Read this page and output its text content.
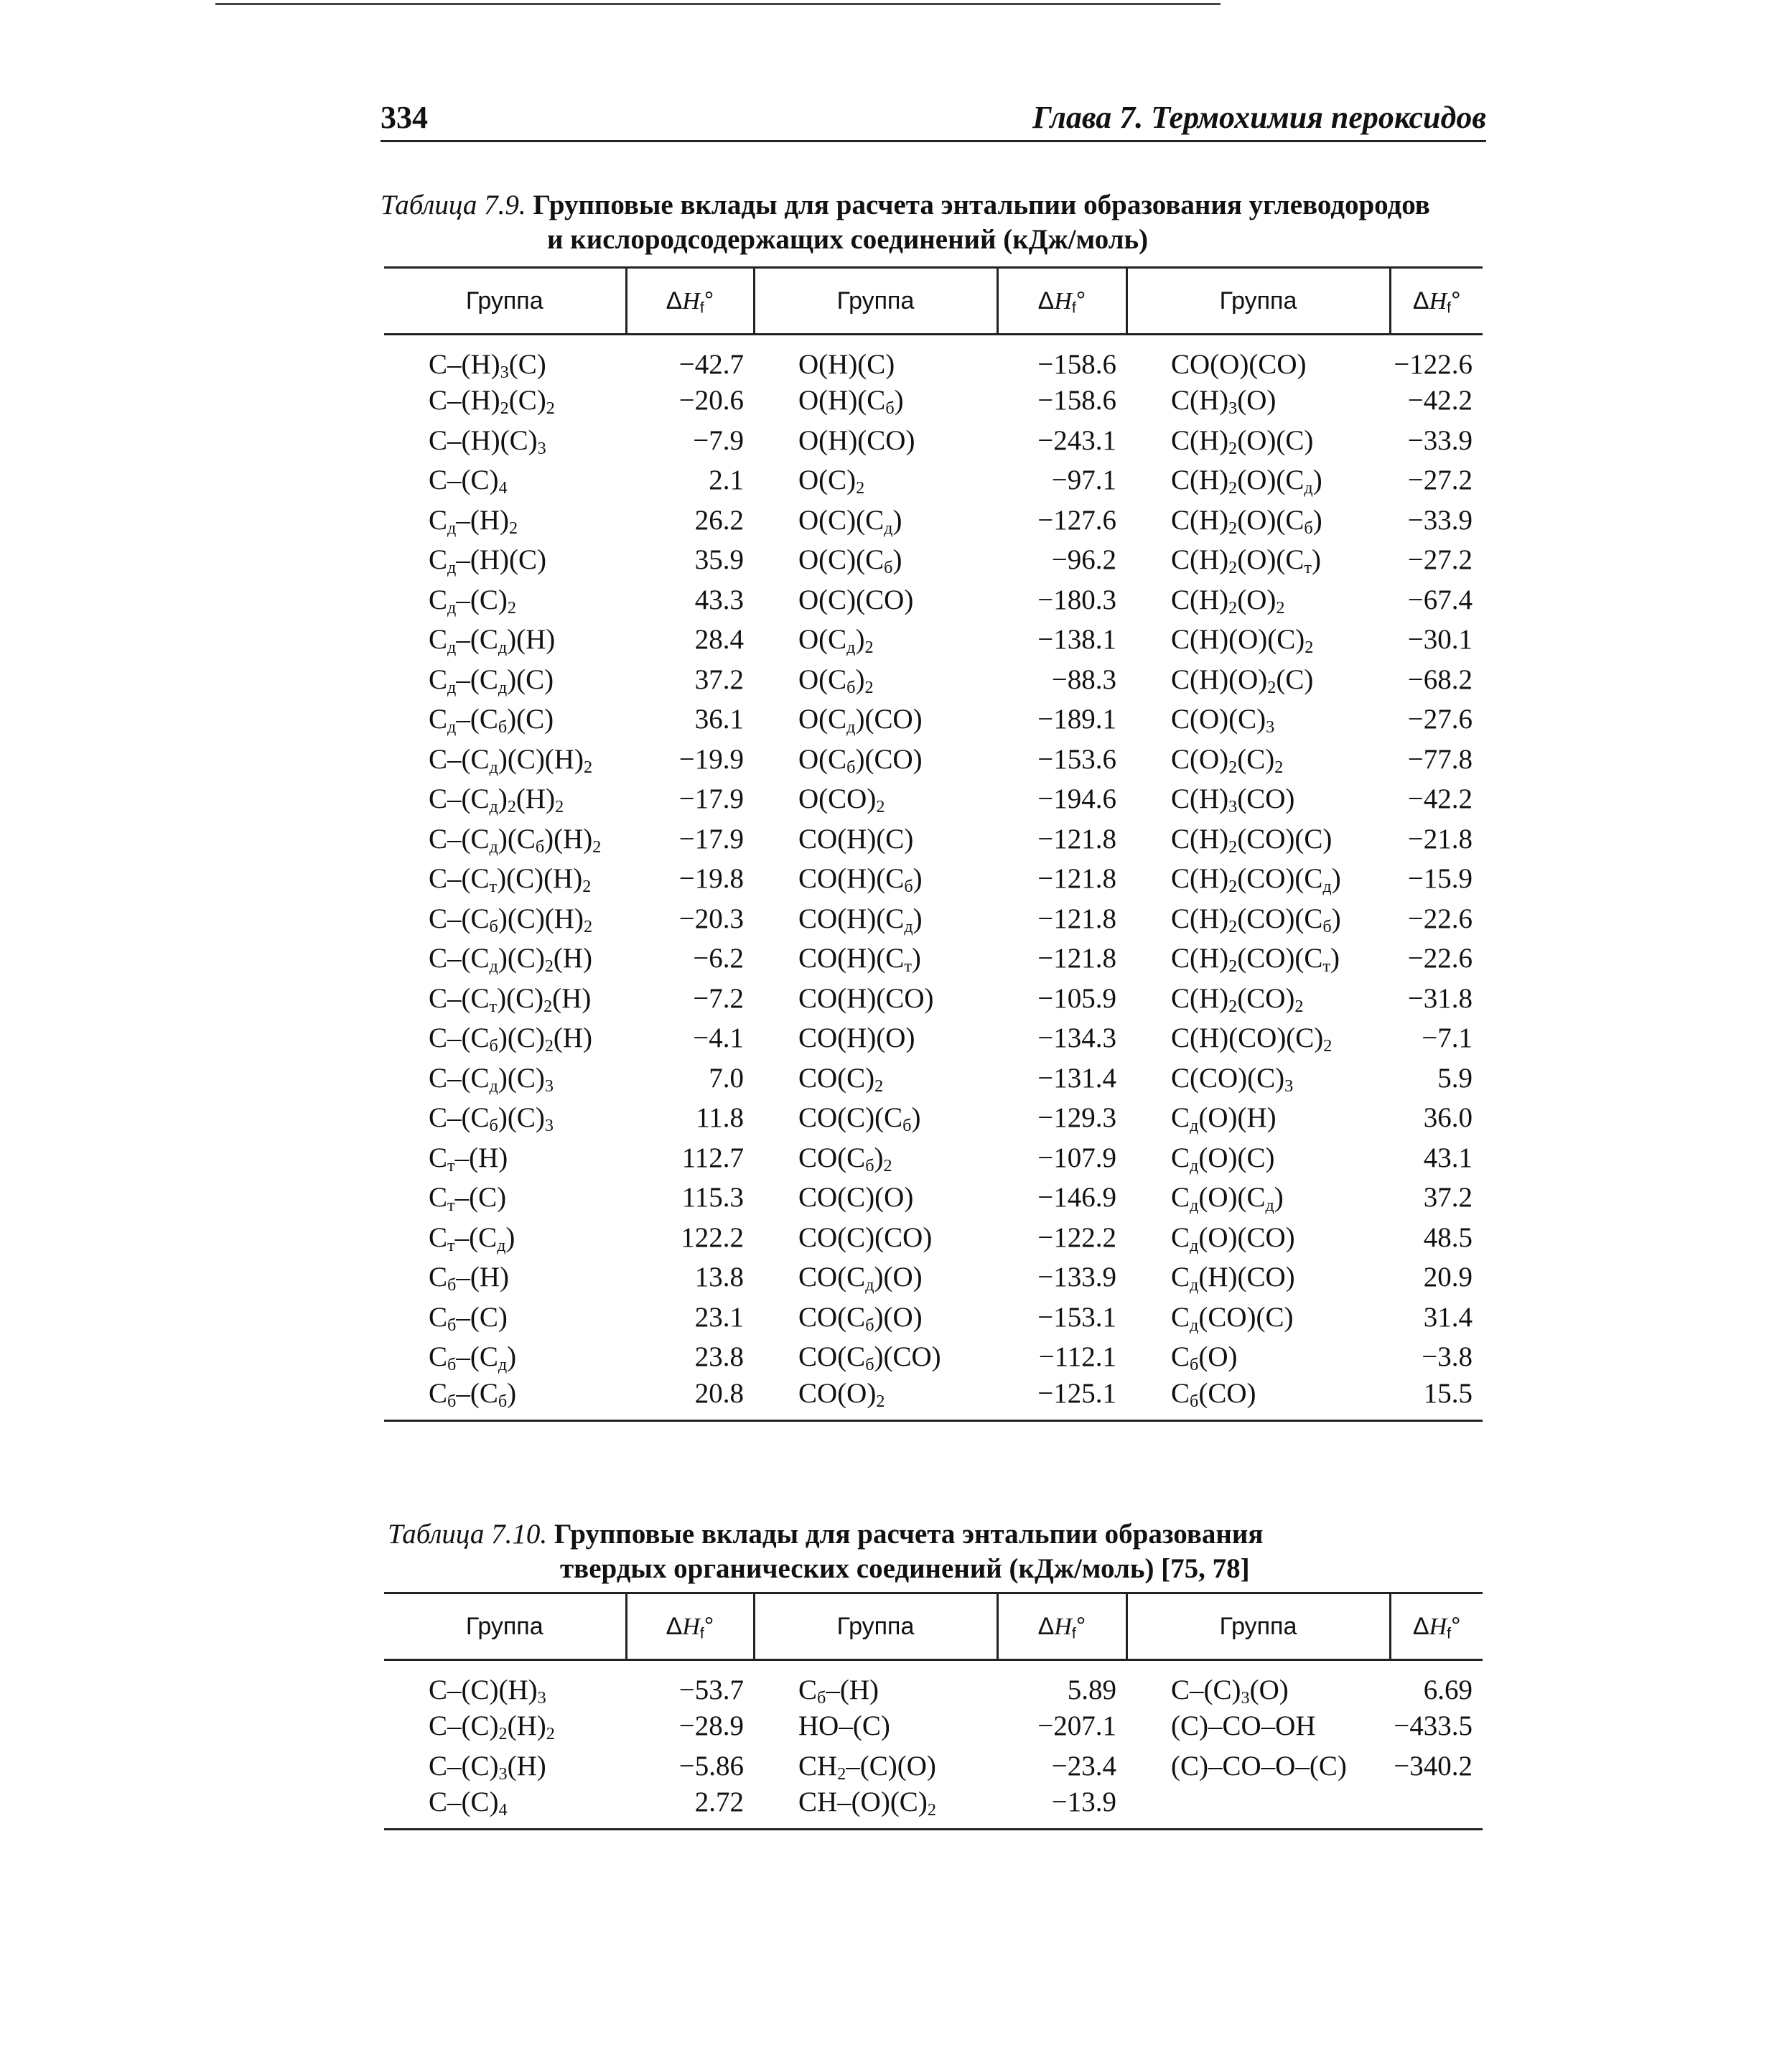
334	Глава 7. Термохимия пероксидов
Таблица 7.9. Групповые вклады для расчета энтальпии образования углеводородов
и кислородсодержащих соединений (кДж/моль)
Группа	$\Delta H_f^\circ$	Группа	$\Delta H_f^\circ$	Группа	$\Delta H_f^\circ$
$C-(H)_3(C)$	−42.7	O(H)(C)	−158.6	CO(O)(CO)	−122.6
$C-(H)_2(C)_2$	−20.6	$O(H)(C_б)$	−158.6	$C(H)_3(O)$	−42.2
$C-(H)(C)_3$	−7.9	O(H)(CO)	−243.1	$C(H)_2(O)(C)$	−33.9
$C-(C)_4$	2.1	$O(C)_2$	−97.1	$C(H)_2(O)(C_д)$	−27.2
$C_д-(H)_2$	26.2	$O(C)(C_д)$	−127.6	$C(H)_2(O)(C_б)$	−33.9
$C_д-(H)(C)$	35.9	$O(C)(C_б)$	−96.2	$C(H)_2(O)(C_т)$	−27.2
$C_д-(C)_2$	43.3	O(C)(CO)	−180.3	$C(H)_2(O)_2$	−67.4
$C_д-(C_д)(H)$	28.4	$O(C_д)_2$	−138.1	$C(H)(O)(C)_2$	−30.1
$C_д-(C_д)(C)$	37.2	$O(C_б)_2$	−88.3	$C(H)(O)_2(C)$	−68.2
$C_д-(C_б)(C)$	36.1	$O(C_д)(CO)$	−189.1	$C(O)(C)_3$	−27.6
$C-(C_д)(C)(H)_2$	−19.9	$O(C_б)(CO)$	−153.6	$C(O)_2(C)_2$	−77.8
$C-(C_д)_2(H)_2$	−17.9	$O(CO)_2$	−194.6	$C(H)_3(CO)$	−42.2
$C-(C_д)(C_б)(H)_2$	−17.9	CO(H)(C)	−121.8	$C(H)_2(CO)(C)$	−21.8
$C-(C_т)(C)(H)_2$	−19.8	$CO(H)(C_б)$	−121.8	$C(H)_2(CO)(C_д)$	−15.9
$C-(C_б)(C)(H)_2$	−20.3	$CO(H)(C_д)$	−121.8	$C(H)_2(CO)(C_б)$	−22.6
$C-(C_д)(C)_2(H)$	−6.2	$CO(H)(C_т)$	−121.8	$C(H)_2(CO)(C_т)$	−22.6
$C-(C_т)(C)_2(H)$	−7.2	CO(H)(CO)	−105.9	$C(H)_2(CO)_2$	−31.8
$C-(C_б)(C)_2(H)$	−4.1	CO(H)(O)	−134.3	$C(H)(CO)(C)_2$	−7.1
$C-(C_д)(C)_3$	7.0	$CO(C)_2$	−131.4	$C(CO)(C)_3$	5.9
$C-(C_б)(C)_3$	11.8	$CO(C)(C_б)$	−129.3	$C_д(O)(H)$	36.0
$C_т-(H)$	112.7	$CO(C_б)_2$	−107.9	$C_д(O)(C)$	43.1
$C_т-(C)$	115.3	CO(C)(O)	−146.9	$C_д(O)(C_д)$	37.2
$C_т-(C_д)$	122.2	CO(C)(CO)	−122.2	$C_д(O)(CO)$	48.5
$C_б-(H)$	13.8	$CO(C_д)(O)$	−133.9	$C_д(H)(CO)$	20.9
$C_б-(C)$	23.1	$CO(C_б)(O)$	−153.1	$C_д(CO)(C)$	31.4
$C_б-(C_д)$	23.8	$CO(C_б)(CO)$	−112.1	$C_б(O)$	−3.8
$C_б-(C_б)$	20.8	$CO(O)_2$	−125.1	$C_б(CO)$	15.5
Таблица 7.10. Групповые вклады для расчета энтальпии образования
твердых органических соединений (кДж/моль) [75, 78]
Группа	$\Delta H_f^\circ$	Группа	$\Delta H_f^\circ$	Группа	$\Delta H_f^\circ$
$C-(C)(H)_3$	−53.7	$C_б-(H)$	5.89	$C-(C)_3(O)$	6.69
$C-(C)_2(H)_2$	−28.9	HO–(C)	−207.1	(C)–CO–OH	−433.5
$C-(C)_3(H)$	−5.86	$CH_2-(C)(O)$	−23.4	(C)–CO–O–(C)	−340.2
$C-(C)_4$	2.72	$CH-(O)(C)_2$	−13.9		
